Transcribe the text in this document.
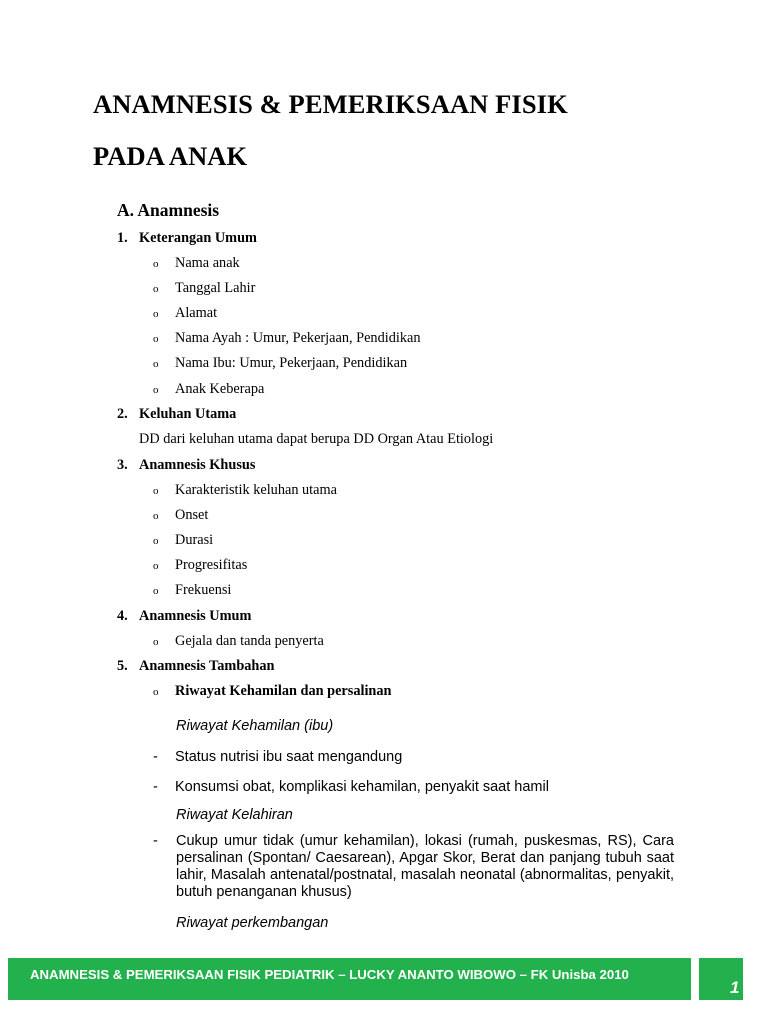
ANAMNESIS & PEMERIKSAAN FISIK
PADA ANAK
A. Anamnesis
1. Keterangan Umum
o Nama anak
o Tanggal Lahir
o Alamat
o Nama Ayah : Umur, Pekerjaan, Pendidikan
o Nama Ibu: Umur, Pekerjaan, Pendidikan
o Anak Keberapa
2. Keluhan Utama
DD dari keluhan utama dapat berupa DD Organ Atau Etiologi
3. Anamnesis Khusus
o Karakteristik keluhan utama
o Onset
o Durasi
o Progresifitas
o Frekuensi
4. Anamnesis Umum
o Gejala dan tanda penyerta
5. Anamnesis Tambahan
o Riwayat Kehamilan dan persalinan
Riwayat Kehamilan (ibu)
- Status nutrisi ibu saat mengandung
- Konsumsi obat, komplikasi kehamilan, penyakit saat hamil
Riwayat Kelahiran
- Cukup umur tidak (umur kehamilan), lokasi (rumah, puskesmas, RS), Cara persalinan (Spontan/ Caesarean), Apgar Skor, Berat dan panjang tubuh saat lahir, Masalah antenatal/postnatal, masalah neonatal (abnormalitas, penyakit, butuh penanganan khusus)

Riwayat perkembangan
ANAMNESIS & PEMERIKSAAN FISIK PEDIATRIK – LUCKY ANANTO WIBOWO – FK Unisba 2010
1
